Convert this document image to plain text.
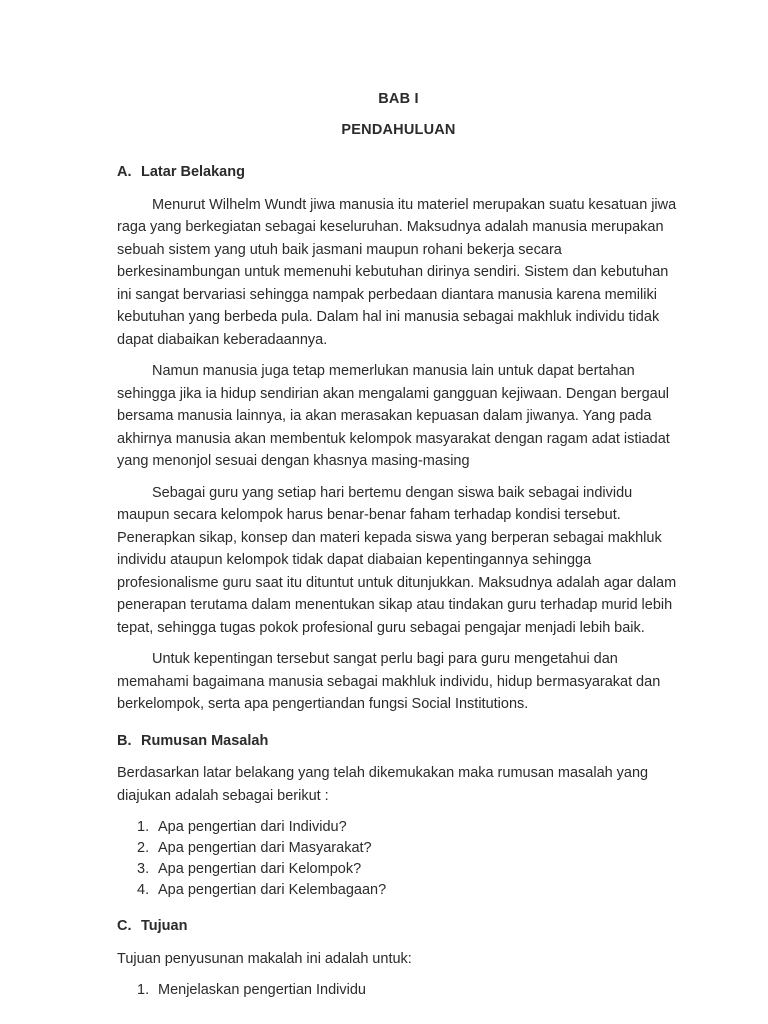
BAB I
PENDAHULUAN
A. Latar Belakang

Menurut Wilhelm Wundt jiwa manusia itu materiel merupakan suatu kesatuan jiwa raga yang berkegiatan sebagai keseluruhan. Maksudnya adalah manusia merupakan sebuah sistem yang utuh baik jasmani maupun rohani bekerja secara berkesinambungan untuk memenuhi kebutuhan dirinya sendiri. Sistem dan kebutuhan ini sangat bervariasi sehingga nampak perbedaan diantara manusia karena memiliki kebutuhan yang berbeda pula. Dalam hal ini manusia sebagai makhluk individu tidak dapat diabaikan keberadaannya.

Namun manusia juga tetap memerlukan manusia lain untuk dapat bertahan sehingga jika ia hidup sendirian akan mengalami gangguan kejiwaan. Dengan bergaul bersama manusia lainnya, ia akan merasakan kepuasan dalam jiwanya. Yang pada akhirnya manusia akan membentuk kelompok masyarakat dengan ragam adat istiadat yang menonjol sesuai dengan khasnya masing-masing

Sebagai guru yang setiap hari bertemu dengan siswa baik sebagai individu maupun secara kelompok harus benar-benar faham terhadap kondisi tersebut. Penerapkan sikap, konsep dan materi kepada siswa yang berperan sebagai makhluk individu ataupun kelompok tidak dapat diabaian kepentingannya sehingga profesionalisme guru saat itu dituntut untuk ditunjukkan. Maksudnya adalah agar dalam penerapan terutama dalam menentukan sikap atau tindakan guru terhadap murid lebih tepat, sehingga tugas pokok profesional guru sebagai pengajar menjadi lebih baik.

Untuk kepentingan tersebut sangat perlu bagi para guru mengetahui dan memahami bagaimana manusia sebagai makhluk individu, hidup bermasyarakat dan berkelompok, serta apa pengertiandan fungsi Social Institutions.

B. Rumusan Masalah

Berdasarkan latar belakang yang telah dikemukakan maka rumusan masalah yang diajukan adalah sebagai berikut :

1. Apa pengertian dari Individu?
2. Apa pengertian dari Masyarakat?
3. Apa pengertian dari Kelompok?
4. Apa pengertian dari Kelembagaan?
C. Tujuan

Tujuan penyusunan makalah ini adalah untuk:

1. Menjelaskan pengertian Individu
